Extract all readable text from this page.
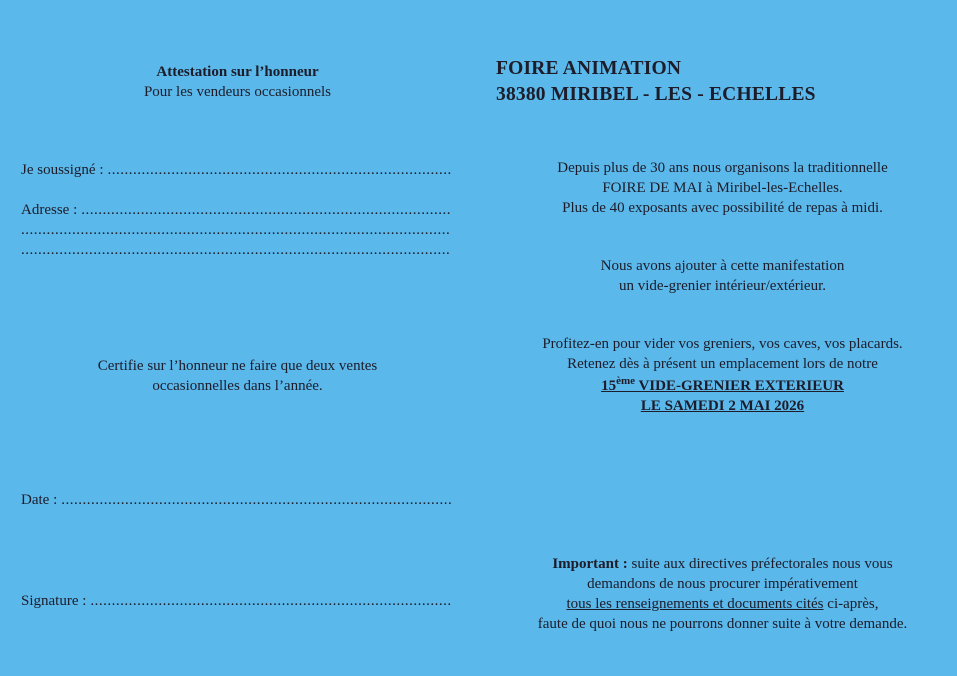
Attestation sur l’honneur
Pour les vendeurs occasionnels
Je soussigné :
.....
Adresse :
.....
.....
.....
Certifie sur l’honneur ne faire que deux ventes
occasionnelles dans l’année.
Date :
.....
Signature :
.....
FOIRE ANIMATION
38380 MIRIBEL - LES - ECHELLES
Depuis plus de 30 ans nous organisons la traditionnelle
FOIRE DE MAI à Miribel-les-Echelles.
Plus de 40 exposants avec possibilité de repas à midi.
Nous avons ajouter à cette manifestation
un vide-grenier intérieur/extérieur.
Profitez-en pour vider vos greniers, vos caves, vos placards.
Retenez dès à présent un emplacement lors de notre
15ème VIDE-GRENIER EXTERIEUR
LE SAMEDI 2 MAI 2026
Important : suite aux directives préfectorales nous vous
demandons de nous procurer impérativement
tous les renseignements et documents cités ci-après,
faute de quoi nous ne pourrons donner suite à votre demande.
